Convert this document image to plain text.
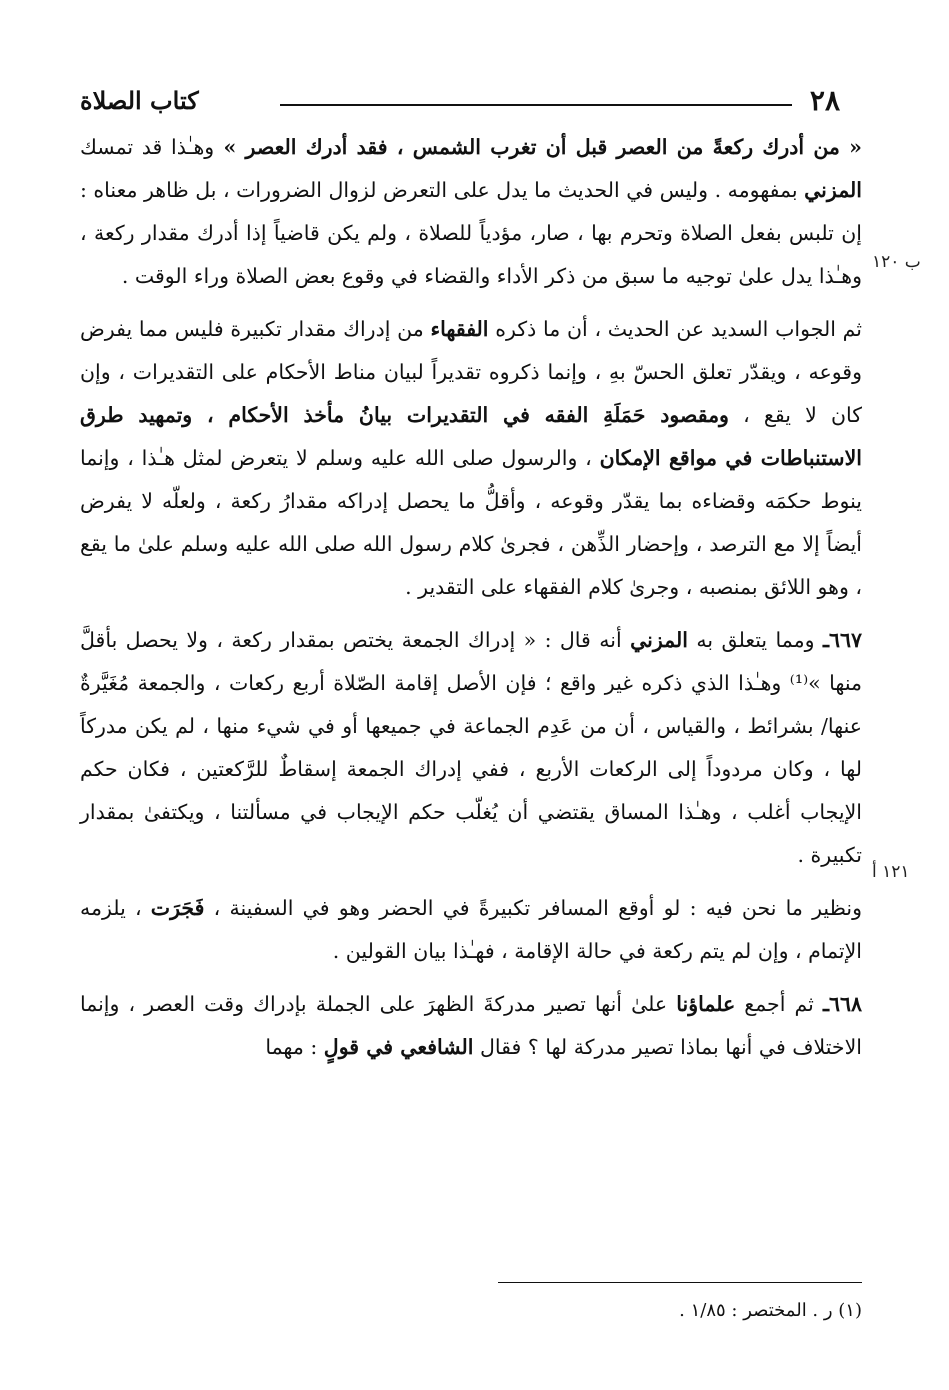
٢٨
كتاب الصلاة
ب ١٢٠
١٢١ أ

« من أدرك ركعةً من العصر قبل أن تغرب الشمس ، فقد أدرك العصر » وهـٰذا قد تمسك المزني بمفهومه . وليس في الحديث ما يدل على التعرض لزوال الضرورات ، بل ظاهر معناه : إن تلبس بفعل الصلاة وتحرم بها ، صار، مؤدياً للصلاة ، ولم يكن قاضياً إذا أدرك مقدار ركعة ، وهـٰذا يدل علىٰ توجيه ما سبق من ذكر الأداء والقضاء في وقوع بعض الصلاة وراء الوقت .

ثم الجواب السديد عن الحديث ، أن ما ذكره الفقهاء من إدراك مقدار تكبيرة فليس مما يفرض وقوعه ، ويقدّر تعلق الحسّ بهِ ، وإنما ذكروه تقديراً لبيان مناط الأحكام على التقديرات ، وإن كان لا يقع ، ومقصود حَمَلَةِ الفقه في التقديرات بيانُ مأخذ الأحكام ، وتمهيد طرق الاستنباطات في مواقع الإمكان ، والرسول صلى الله عليه وسلم لا يتعرض لمثل هـٰذا ، وإنما ينوط حكمَه وقضاءه بما يقدّر وقوعه ، وأقلُّ ما يحصل إدراكه مقدارُ ركعة ، ولعلّه لا يفرض أيضاً إلا مع الترصد ، وإحضار الذِّهن ، فجرىٰ كلام رسول الله صلى الله عليه وسلم علىٰ ما يقع ، وهو اللائق بمنصبه ، وجرىٰ كلام الفقهاء على التقدير .

٦٦٧ـ ومما يتعلق به المزني أنه قال : « إدراك الجمعة يختص بمقدار ركعة ، ولا يحصل بأقلَّ منها »⁽¹⁾ وهـٰذا الذي ذكره غير واقع ؛ فإن الأصل إقامة الصّلاة أربع ركعات ، والجمعة مُغَيَّرةٌ عنها/ بشرائط ، والقياس ، أن من عَدِم الجماعة في جميعها أو في شيء منها ، لم يكن مدركاً لها ، وكان مردوداً إلى الركعات الأربع ، ففي إدراك الجمعة إسقاطٌ للرَّكعتين ، فكان حكم الإيجاب أغلب ، وهـٰذا المساق يقتضي أن يُغلّب حكم الإيجاب في مسألتنا ، ويكتفىٰ بمقدار تكبيرة .

ونظير ما نحن فيه : لو أوقع المسافر تكبيرةً في الحضر وهو في السفينة ، فَجَرَت ، يلزمه الإتمام ، وإن لم يتم ركعة في حالة الإقامة ، فهـٰذا بيان القولين .

٦٦٨ـ ثم أجمع علماؤنا علىٰ أنها تصير مدركةَ الظهرَ على الجملة بإدراك وقت العصر ، وإنما الاختلاف في أنها بماذا تصير مدركة لها ؟ فقال الشافعي في قولٍ : مهما

(١) ر . المختصر : ١/٨٥ .
